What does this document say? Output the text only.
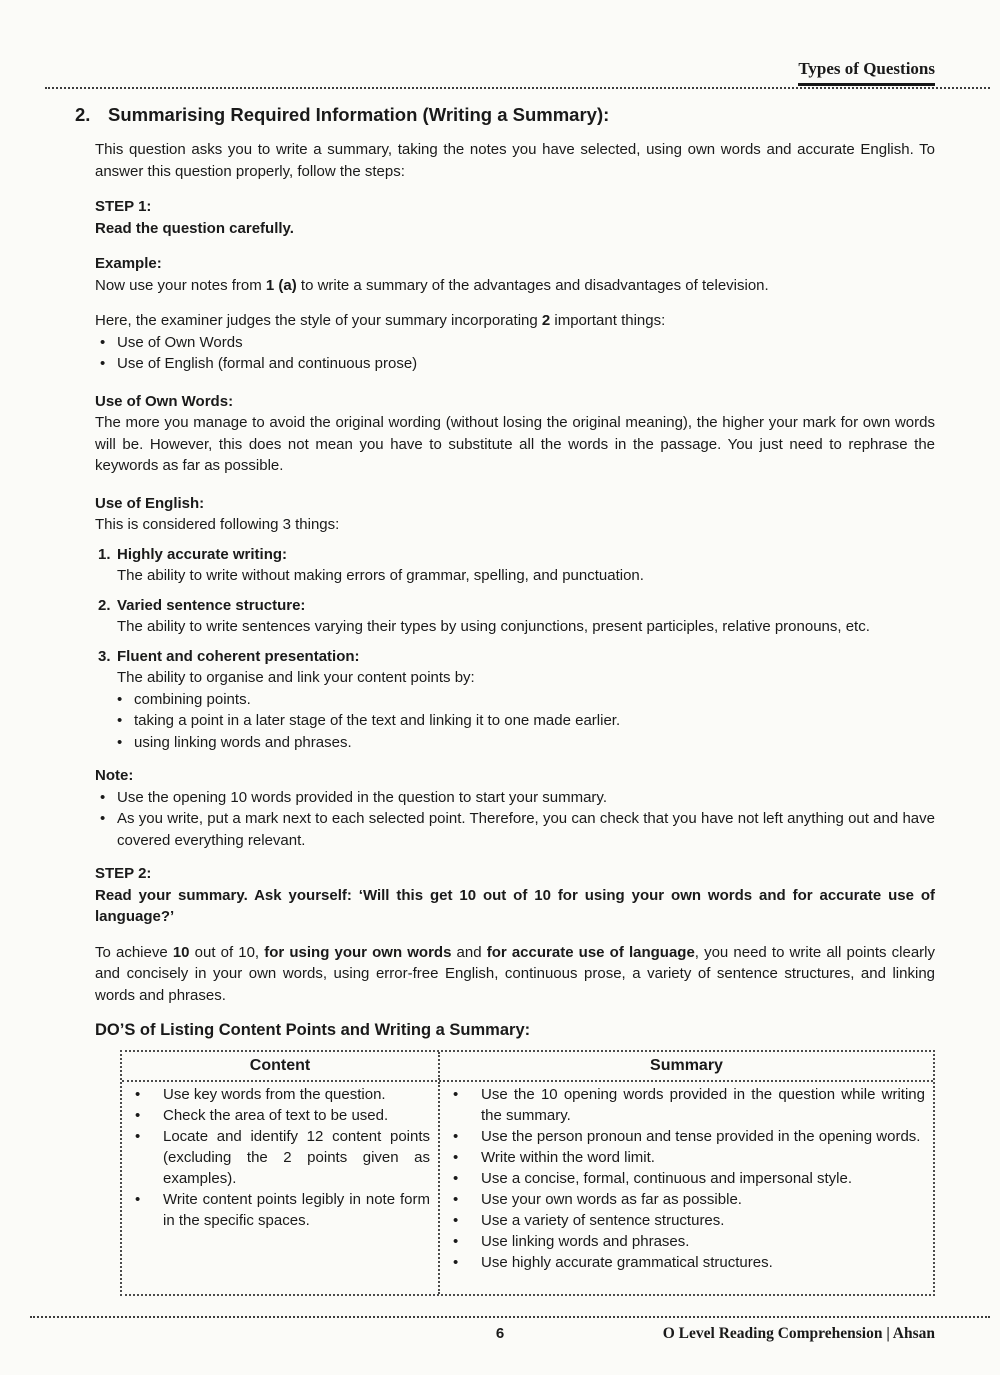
Types of Questions
2. Summarising Required Information (Writing a Summary):

This question asks you to write a summary, taking the notes you have selected, using own words and accurate English. To answer this question properly, follow the steps:

STEP 1:
Read the question carefully.
Example:
Now use your notes from 1 (a) to write a summary of the advantages and disadvantages of television.
Here, the examiner judges the style of your summary incorporating 2 important things:
•
Use of Own Words
•
Use of English (formal and continuous prose)
Use of Own Words:
The more you manage to avoid the original wording (without losing the original meaning), the higher your mark for own words will be. However, this does not mean you have to substitute all the words in the passage. You just need to rephrase the keywords as far as possible.
Use of English:
This is considered following 3 things:
1. Highly accurate writing:
The ability to write without making errors of grammar, spelling, and punctuation.
2. Varied sentence structure:
The ability to write sentences varying their types by using conjunctions, present participles, relative pronouns, etc.
3. Fluent and coherent presentation:
The ability to organise and link your content points by:
•
combining points.
•
taking a point in a later stage of the text and linking it to one made earlier.
•
using linking words and phrases.
Note:
•
Use the opening 10 words provided in the question to start your summary.
•
As you write, put a mark next to each selected point. Therefore, you can check that you have not left anything out and have covered everything relevant.
STEP 2:
Read your summary. Ask yourself: ‘Will this get 10 out of 10 for using your own words and for accurate use of language?’

To achieve 10 out of 10, for using your own words and for accurate use of language, you need to write all points clearly and concisely in your own words, using error-free English, continuous prose, a variety of sentence structures, and linking words and phrases.

DO’S of Listing Content Points and Writing a Summary:
Content	Summary
•
Use key words from the question.
•
Check the area of text to be used.
•
Locate and identify 12 content points (excluding the 2 points given as examples).
•
Write content points legibly in note form in the specific spaces.
•
Use the 10 opening words provided in the question while writing the summary.
•
Use the person pronoun and tense provided in the opening words.
•
Write within the word limit.
•
Use a concise, formal, continuous and impersonal style.
•
Use your own words as far as possible.
•
Use a variety of sentence structures.
•
Use linking words and phrases.
•
Use highly accurate grammatical structures.
6	O Level Reading Comprehension | Ahsan
